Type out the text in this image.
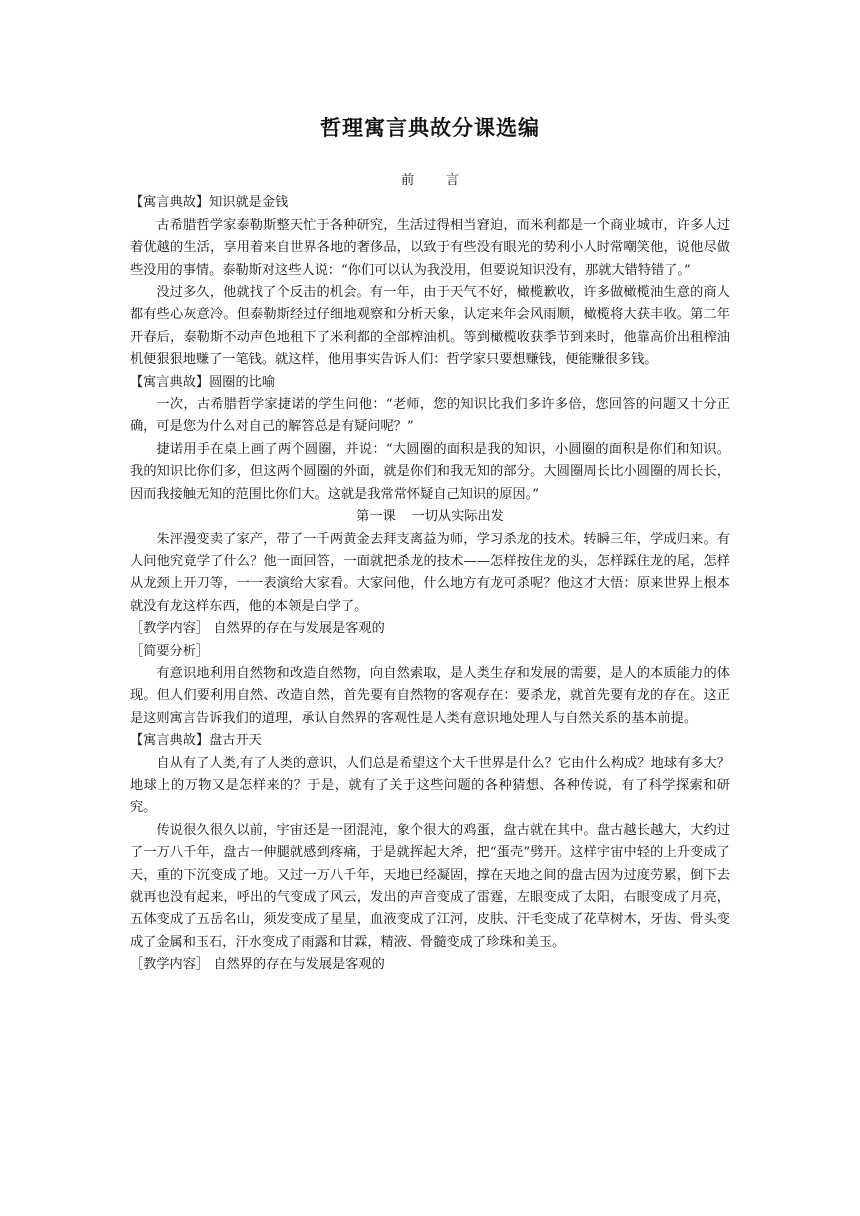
哲理寓言典故分课选编

前 言

【寓言典故】知识就是金钱

古希腊哲学家泰勒斯整天忙于各种研究，生活过得相当窘迫，而米利都是一个商业城市，许多人过着优越的生活，享用着来自世界各地的奢侈品，以致于有些没有眼光的势利小人时常嘲笑他，说他尽做些没用的事情。泰勒斯对这些人说：“你们可以认为我没用，但要说知识没有，那就大错特错了。”

没过多久，他就找了个反击的机会。有一年，由于天气不好，橄榄歉收，许多做橄榄油生意的商人都有些心灰意冷。但泰勒斯经过仔细地观察和分析天象，认定来年会风雨顺，橄榄将大获丰收。第二年开春后，泰勒斯不动声色地租下了米利都的全部榨油机。等到橄榄收获季节到来时，他靠高价出租榨油机便狠狠地赚了一笔钱。就这样，他用事实告诉人们：哲学家只要想赚钱，便能赚很多钱。

【寓言典故】圆圈的比喻

一次，古希腊哲学家捷诺的学生问他：“老师，您的知识比我们多许多倍，您回答的问题又十分正确，可是您为什么对自己的解答总是有疑问呢？”

捷诺用手在桌上画了两个圆圈，并说：“大圆圈的面积是我的知识，小圆圈的面积是你们和知识。我的知识比你们多，但这两个圆圈的外面，就是你们和我无知的部分。大圆圈周长比小圆圈的周长长，因而我接触无知的范围比你们大。这就是我常常怀疑自己知识的原因。”

第一课 一切从实际出发

朱泙漫变卖了家产，带了一千两黄金去拜支离益为师，学习杀龙的技术。转瞬三年，学成归来。有人问他究竟学了什么？他一面回答，一面就把杀龙的技术——怎样按住龙的头，怎样踩住龙的尾，怎样从龙颈上开刀等，一一表演给大家看。大家问他，什么地方有龙可杀呢？他这才大悟：原来世界上根本就没有龙这样东西，他的本领是白学了。

［教学内容］ 自然界的存在与发展是客观的

［简要分析］

有意识地利用自然物和改造自然物，向自然索取，是人类生存和发展的需要，是人的本质能力的体现。但人们要利用自然、改造自然，首先要有自然物的客观存在：要杀龙，就首先要有龙的存在。这正是这则寓言告诉我们的道理，承认自然界的客观性是人类有意识地处理人与自然关系的基本前提。

【寓言典故】盘古开天

自从有了人类,有了人类的意识，人们总是希望这个大千世界是什么？它由什么构成？地球有多大？地球上的万物又是怎样来的？于是，就有了关于这些问题的各种猜想、各种传说，有了科学探索和研究。

传说很久很久以前，宇宙还是一团混沌，象个很大的鸡蛋，盘古就在其中。盘古越长越大，大约过了一万八千年，盘古一伸腿就感到疼痛，于是就挥起大斧，把“蛋壳”劈开。这样宇宙中轻的上升变成了天，重的下沉变成了地。又过一万八千年，天地已经凝固，撑在天地之间的盘古因为过度劳累，倒下去就再也没有起来，呼出的气变成了风云，发出的声音变成了雷霆，左眼变成了太阳，右眼变成了月亮，五体变成了五岳名山，须发变成了星星，血液变成了江河，皮肤、汗毛变成了花草树木，牙齿、骨头变成了金属和玉石，汗水变成了雨露和甘霖，精液、骨髓变成了珍珠和美玉。

［教学内容］ 自然界的存在与发展是客观的
